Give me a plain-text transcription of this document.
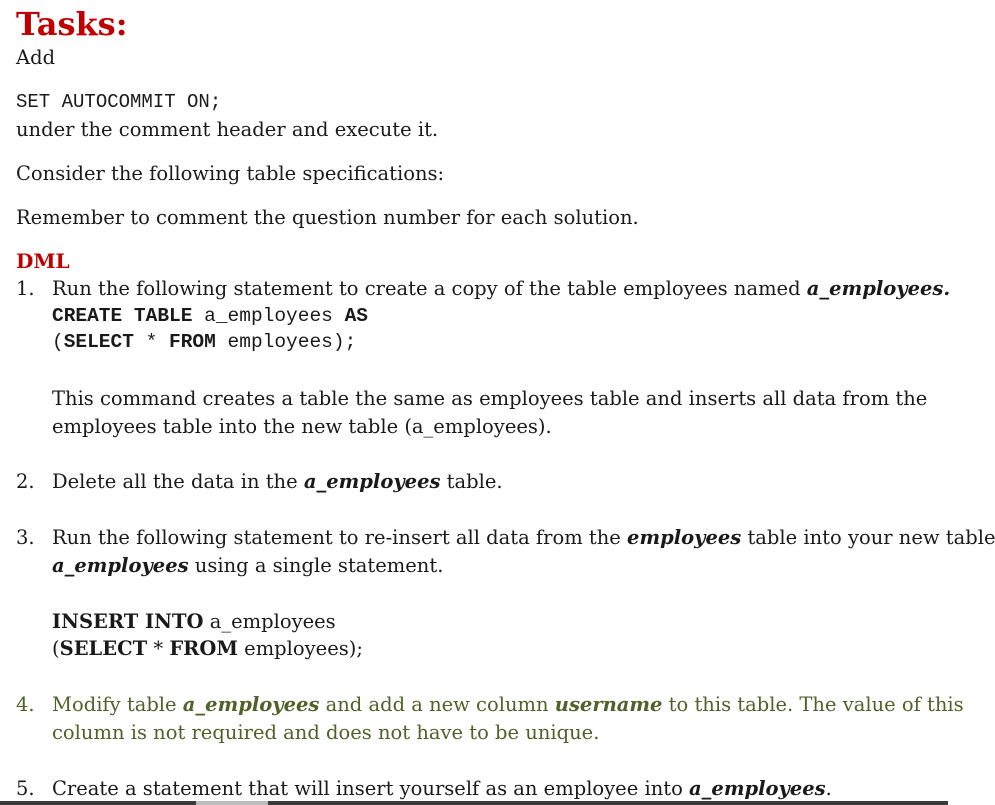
Tasks:
Add
SET AUTOCOMMIT ON;
under the comment header and execute it.
Consider the following table specifications:
Remember to comment the question number for each solution.
DML
1. Run the following statement to create a copy of the table employees named a_employees.
CREATE TABLE a_employees AS
(SELECT * FROM employees);
This command creates a table the same as employees table and inserts all data from the
employees table into the new table (a_employees).
2. Delete all the data in the a_employees table.
3. Run the following statement to re-insert all data from the employees table into your new table
a_employees using a single statement.
INSERT INTO a_employees
(SELECT * FROM employees);
4. Modify table a_employees and add a new column username to this table. The value of this
column is not required and does not have to be unique.
5. Create a statement that will insert yourself as an employee into a_employees.
